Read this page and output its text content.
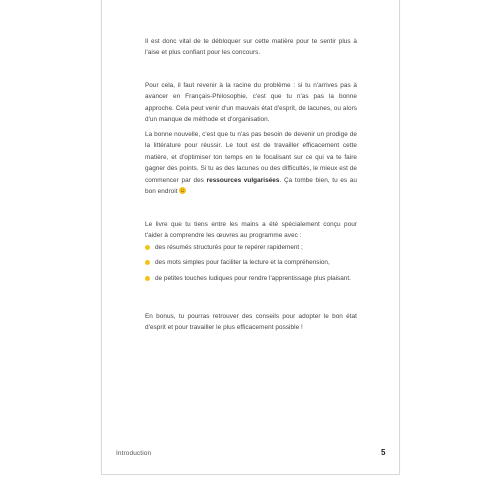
Il est donc vital de te débloquer sur cette matière pour te sentir plus à l'aise et plus confiant pour les concours.

Pour cela, il faut revenir à la racine du problème : si tu n'arrives pas à avancer en Français-Philosophie, c'est que tu n'as pas la bonne approche. Cela peut venir d'un mauvais état d'esprit, de lacunes, ou alors d'un manque de méthode et d'organisation.

La bonne nouvelle, c'est que tu n'as pas besoin de devenir un prodige de la littérature pour réussir. Le tout est de travailler efficacement cette matière, et d'optimiser ton temps en te focalisant sur ce qui va te faire gagner des points. Si tu as des lacunes ou des difficultés, le mieux est de commencer par des ressources vulgarisées. Ça tombe bien, tu es au bon endroit

Le livre que tu tiens entre les mains a été spécialement conçu pour t'aider à comprendre les œuvres au programme avec :

des résumés structurés pour te repérer rapidement ;
des mots simples pour faciliter la lecture et la compréhension,
de petites touches ludiques pour rendre l'apprentissage plus plaisant.

En bonus, tu pourras retrouver des conseils pour adopter le bon état d'esprit et pour travailler le plus efficacement possible !

Introduction	5
